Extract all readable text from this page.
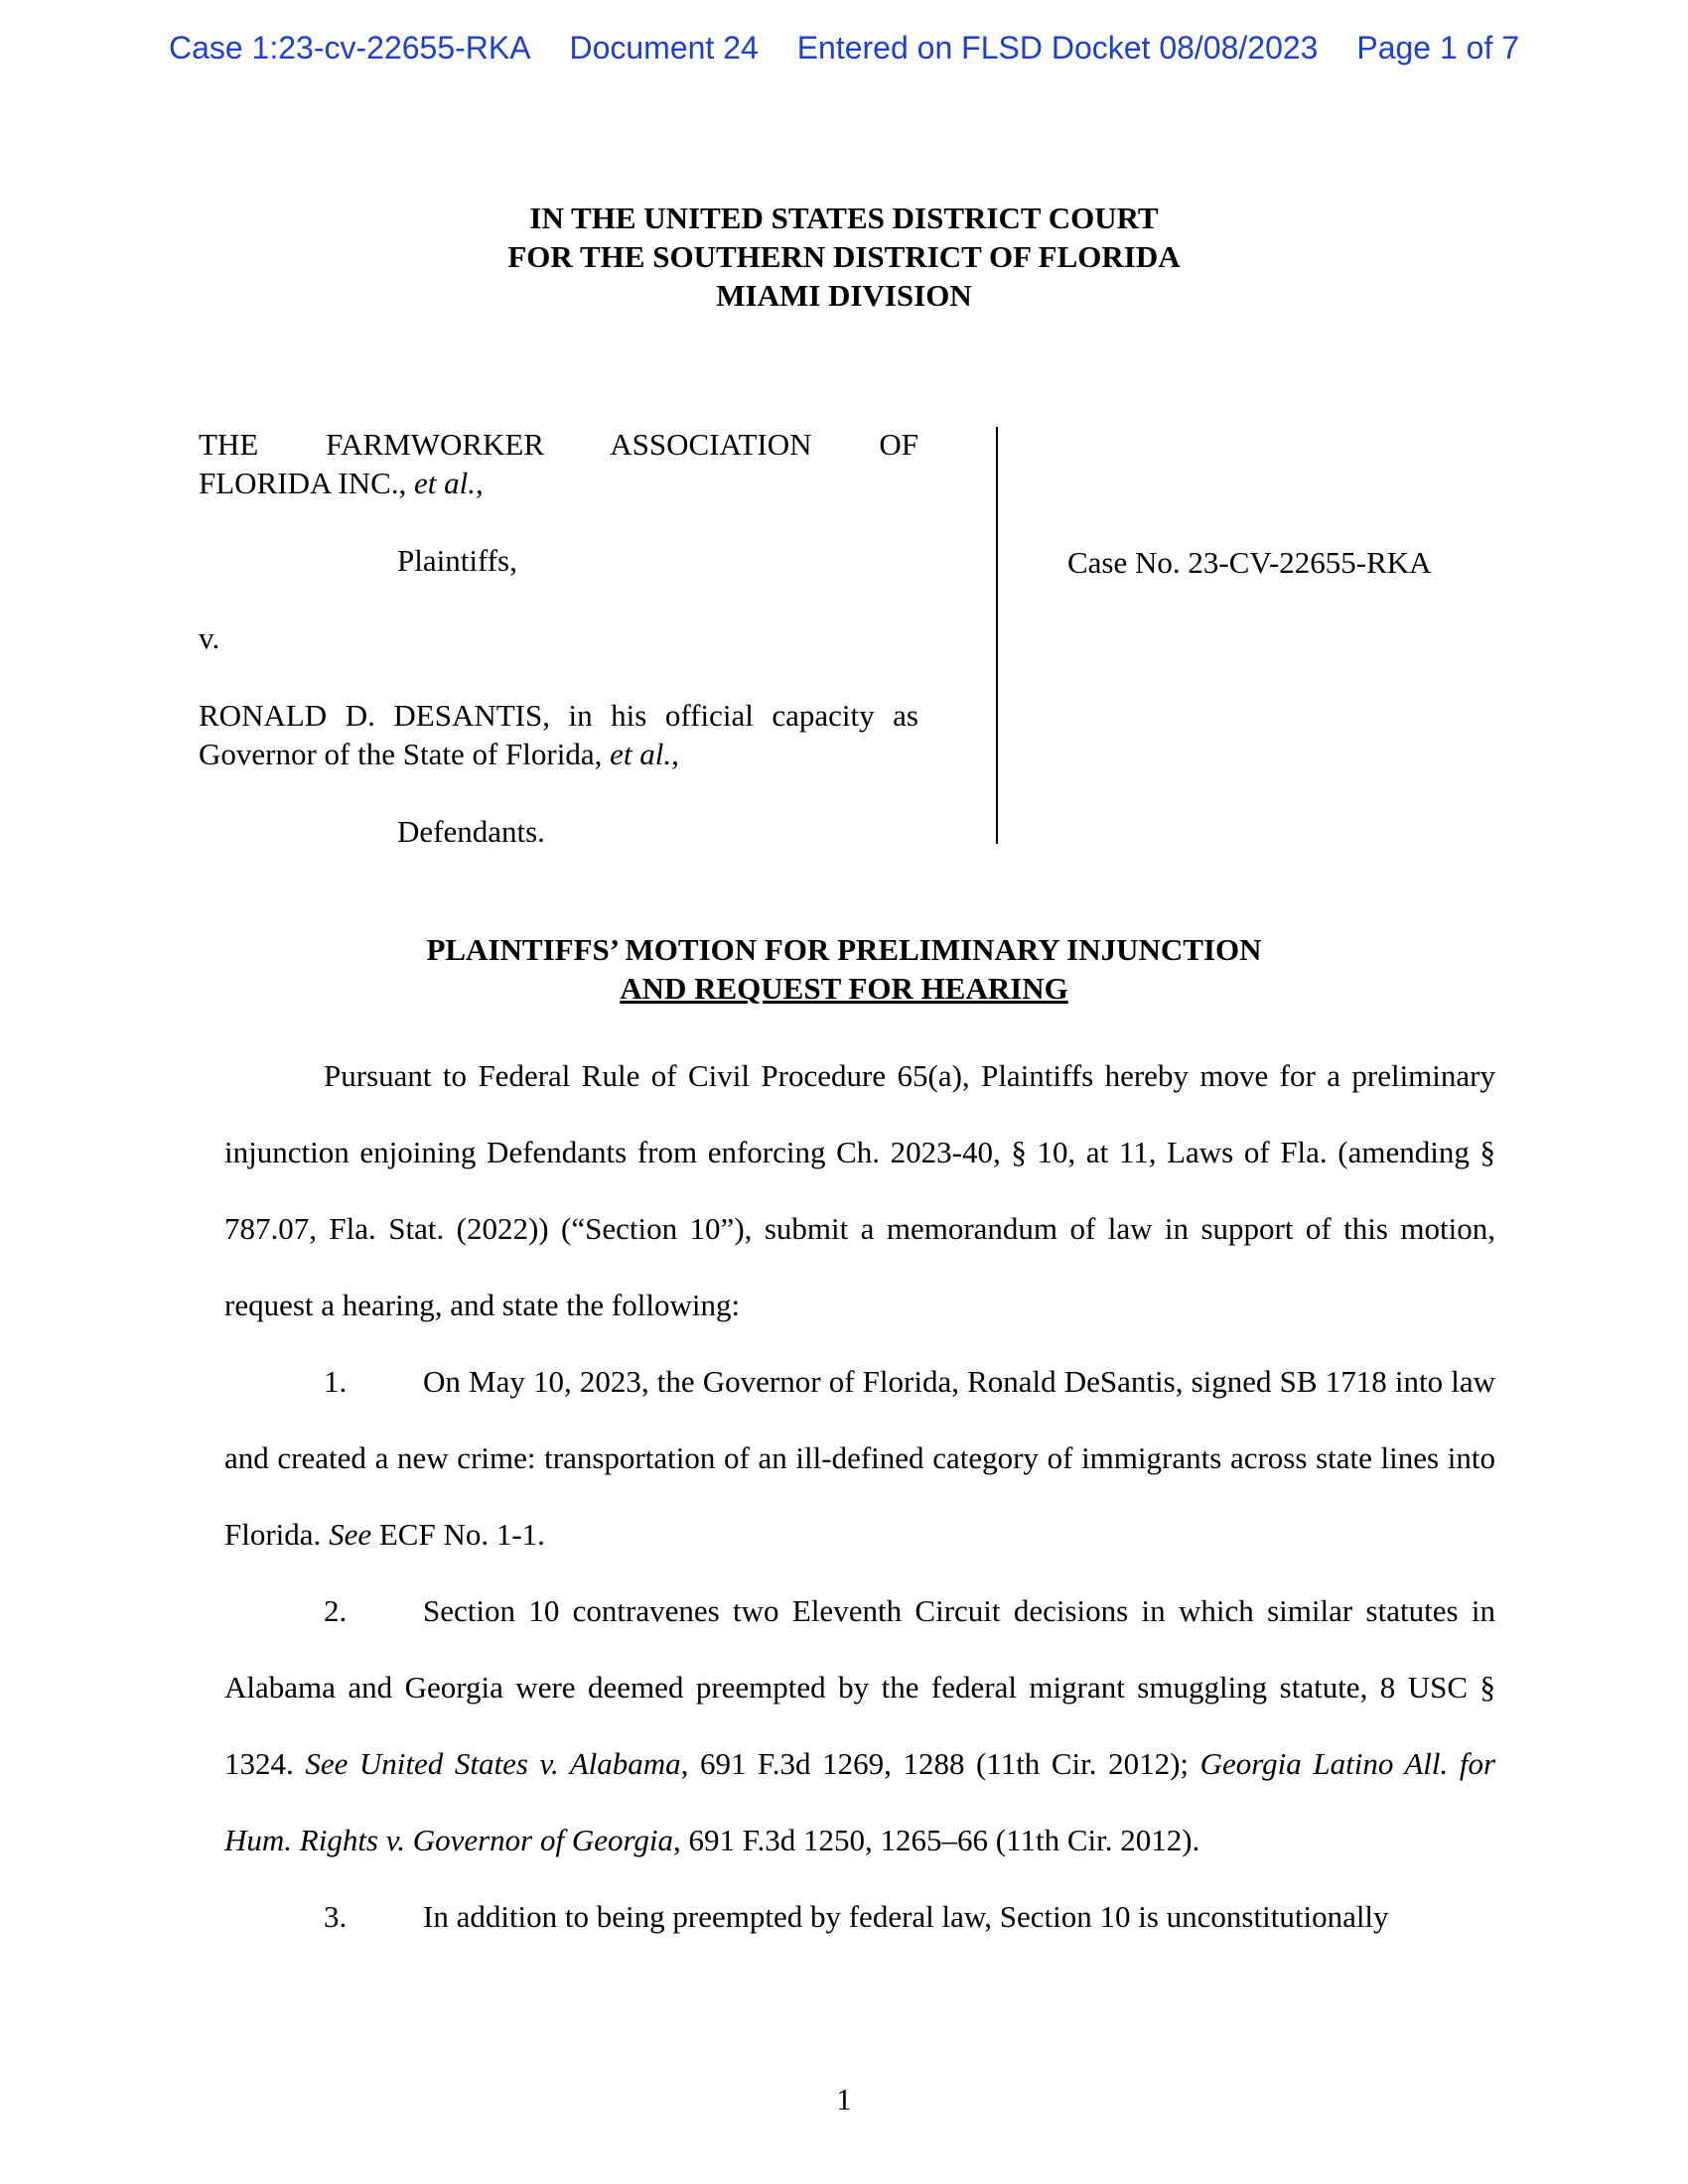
Case 1:23-cv-22655-RKA Document 24 Entered on FLSD Docket 08/08/2023 Page 1 of 7
IN THE UNITED STATES DISTRICT COURT
FOR THE SOUTHERN DISTRICT OF FLORIDA
MIAMI DIVISION

THE FARMWORKER ASSOCIATION OF

FLORIDA INC., et al.,

Plaintiffs,

v.

RONALD D. DESANTIS, in his official capacity as

Governor of the State of Florida, et al.,

Defendants.

Case No. 23-CV-22655-RKA
PLAINTIFFS’ MOTION FOR PRELIMINARY INJUNCTION
AND REQUEST FOR HEARING

Pursuant to Federal Rule of Civil Procedure 65(a), Plaintiffs hereby move for a preliminary injunction enjoining Defendants from enforcing Ch. 2023-40, § 10, at 11, Laws of Fla. (amending § 787.07, Fla. Stat. (2022)) (“Section 10”), submit a memorandum of law in support of this motion, request a hearing, and state the following:

1. On May 10, 2023, the Governor of Florida, Ronald DeSantis, signed SB 1718 into law and created a new crime: transportation of an ill-defined category of immigrants across state lines into Florida. See ECF No. 1-1.

2. Section 10 contravenes two Eleventh Circuit decisions in which similar statutes in Alabama and Georgia were deemed preempted by the federal migrant smuggling statute, 8 USC § 1324. See United States v. Alabama, 691 F.3d 1269, 1288 (11th Cir. 2012); Georgia Latino All. for Hum. Rights v. Governor of Georgia, 691 F.3d 1250, 1265–66 (11th Cir. 2012).

3. In addition to being preempted by federal law, Section 10 is unconstitutionally

1
